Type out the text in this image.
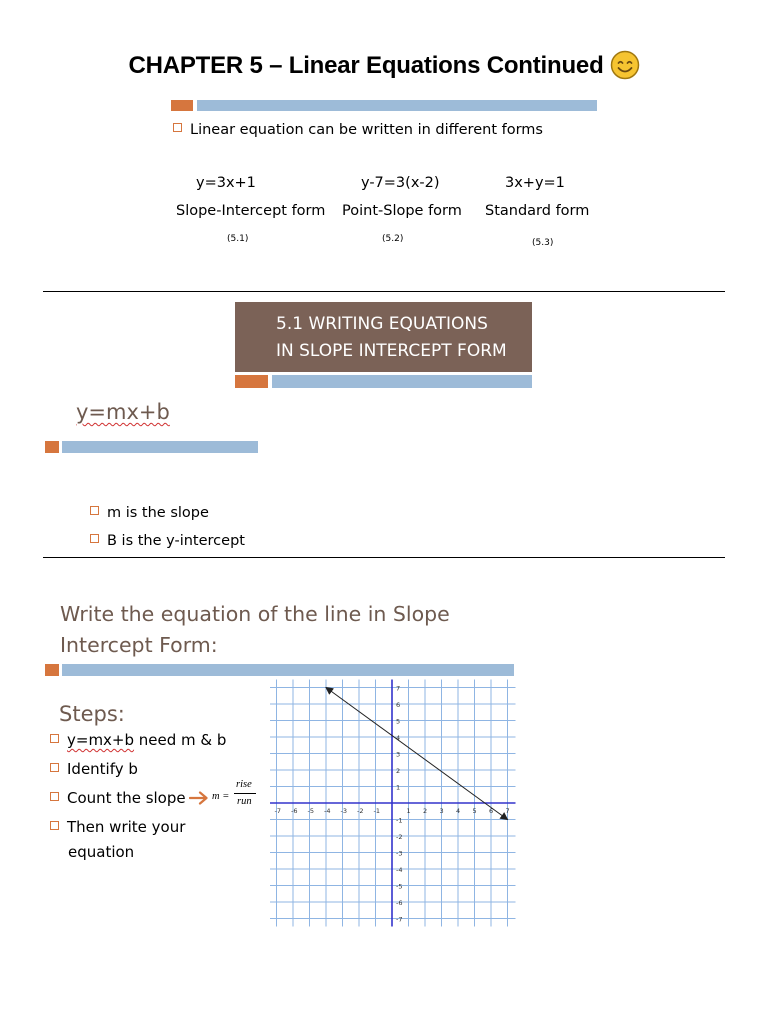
CHAPTER 5 – Linear Equations Continued
Linear equation can be written in different forms
y=3x+1
Slope-Intercept form
(5.1)
y-7=3(x-2)
Point-Slope form
(5.2)
3x+y=1
Standard form
(5.3)
5.1 WRITING EQUATIONS
IN SLOPE INTERCEPT FORM
y=mx+b
m is the slope
B is the y-intercept
Write the equation of the line in Slope
Intercept Form:
Steps:
y=mx+b need m & b
Identify b
Count the slope	m =
rise
run
Then write your
equation
-7 -6 -5 -4 -3 -2 -1	1 2 3 4 5 6 7
7
6
5
4
3
2
1
-1
-2
-3
-4
-5
-6
-7
